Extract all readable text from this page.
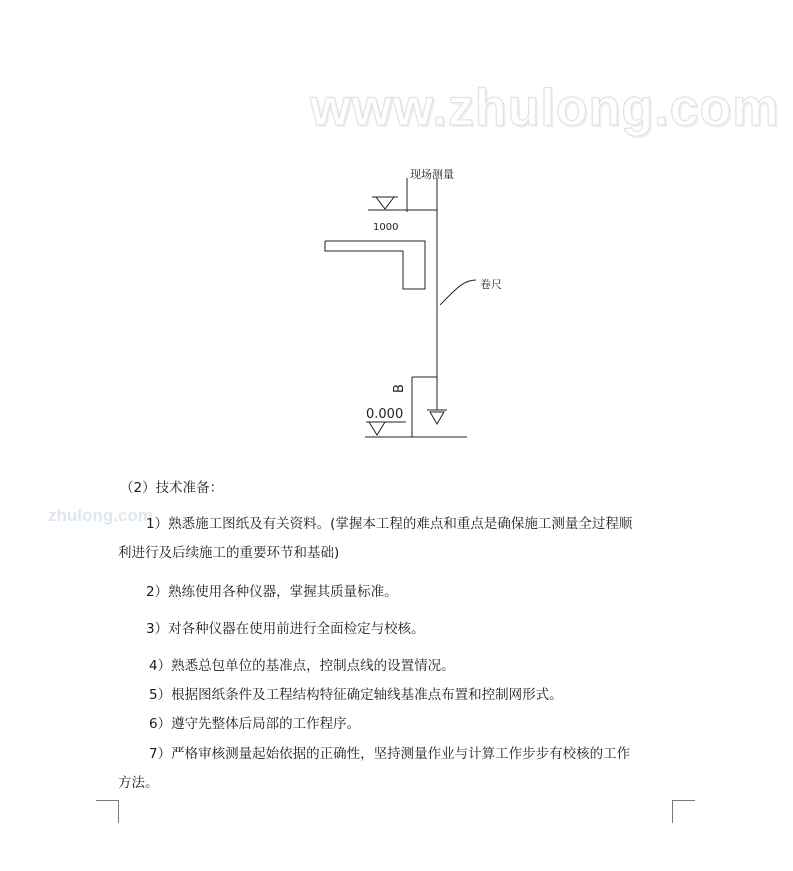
www.zhulong.com
zhulong.com
现场测量
1000
卷尺
B
0.000
（2）技术准备：
1）熟悉施工图纸及有关资料。(掌握本工程的难点和重点是确保施工测量全过程顺
利进行及后续施工的重要环节和基础)
2）熟练使用各种仪器，掌握其质量标准。
3）对各种仪器在使用前进行全面检定与校核。
4）熟悉总包单位的基准点，控制点线的设置情况。
5）根据图纸条件及工程结构特征确定轴线基准点布置和控制网形式。
6）遵守先整体后局部的工作程序。
7）严格审核测量起始依据的正确性，坚持测量作业与计算工作步步有校核的工作
方法。
